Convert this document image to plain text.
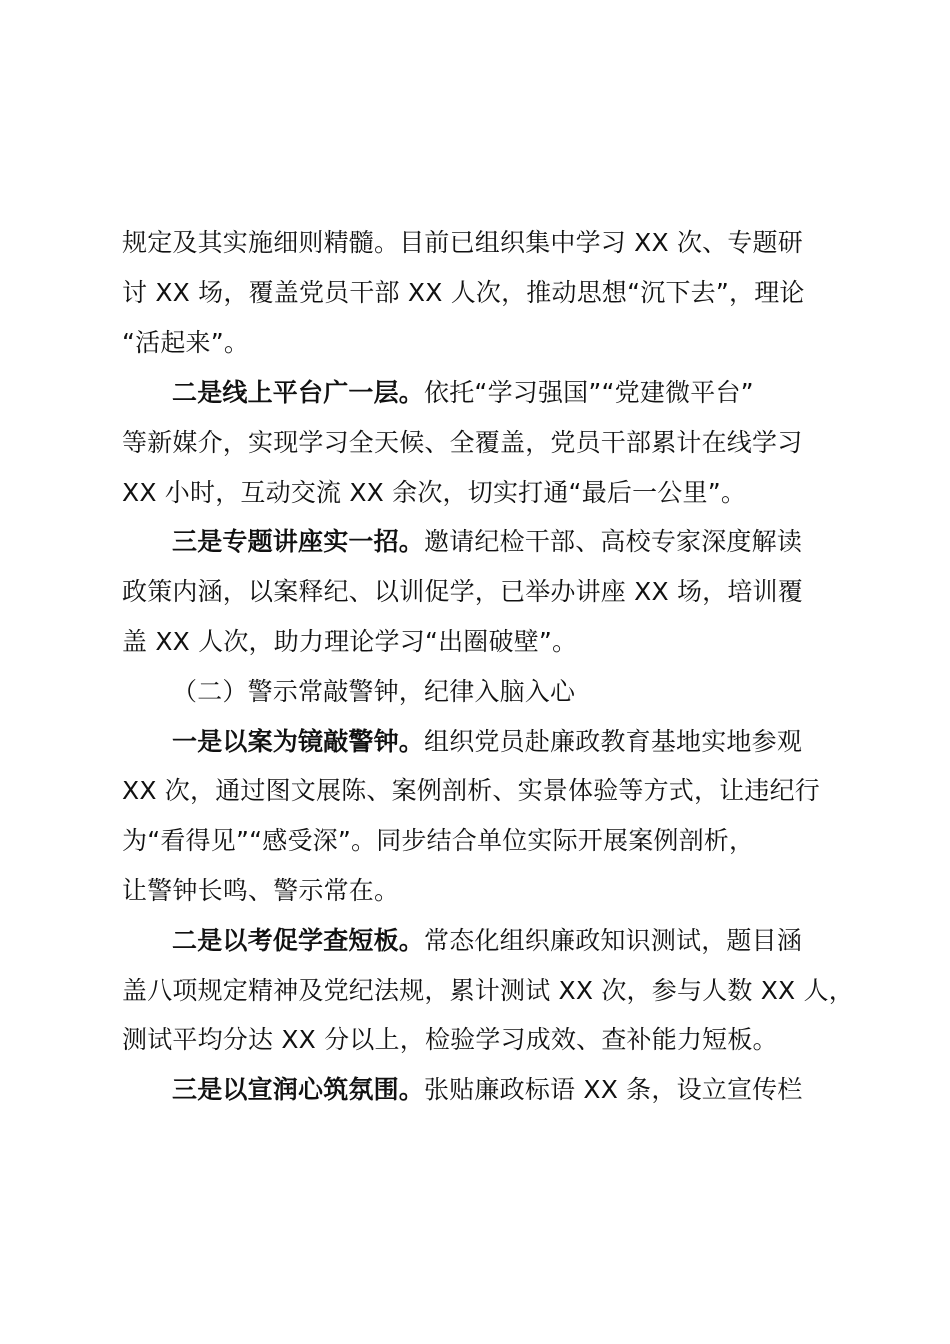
规定及其实施细则精髓。目前已组织集中学习 XX 次、专题研
讨 XX 场，覆盖党员干部 XX 人次，推动思想“沉下去”，理论
“活起来”。
二是线上平台广一层。依托“学习强国”“党建微平台”
等新媒介，实现学习全天候、全覆盖，党员干部累计在线学习
XX 小时，互动交流 XX 余次，切实打通“最后一公里”。
三是专题讲座实一招。邀请纪检干部、高校专家深度解读
政策内涵，以案释纪、以训促学，已举办讲座 XX 场，培训覆
盖 XX 人次，助力理论学习“出圈破壁”。
（二）警示常敲警钟，纪律入脑入心
一是以案为镜敲警钟。组织党员赴廉政教育基地实地参观
XX 次，通过图文展陈、案例剖析、实景体验等方式，让违纪行
为“看得见”“感受深”。同步结合单位实际开展案例剖析，
让警钟长鸣、警示常在。
二是以考促学查短板。常态化组织廉政知识测试，题目涵
盖八项规定精神及党纪法规，累计测试 XX 次，参与人数 XX 人，
测试平均分达 XX 分以上，检验学习成效、查补能力短板。
三是以宣润心筑氛围。张贴廉政标语 XX 条，设立宣传栏
